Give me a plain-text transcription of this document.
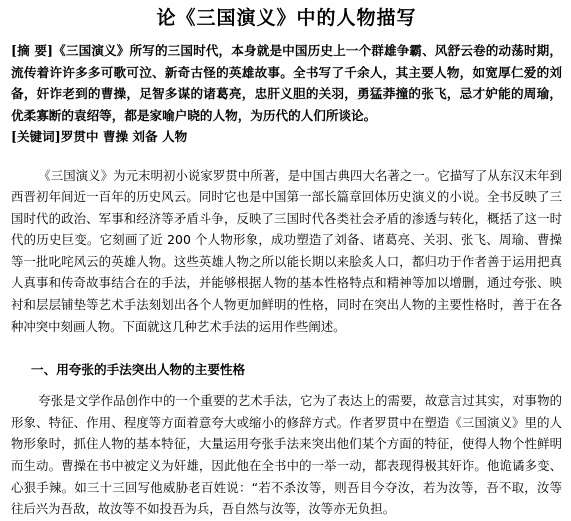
论《三国演义》中的人物描写

[摘 要]《三国演义》所写的三国时代，本身就是中国历史上一个群雄争霸、风舒云卷的动荡时期，流传着许许多多可歌可泣、新奇古怪的英雄故事。全书写了千余人，其主要人物，如宽厚仁爱的刘备，奸诈老到的曹操，足智多谋的诸葛亮，忠肝义胆的关羽，勇猛莽撞的张飞，忌才妒能的周瑜，优柔寡断的袁绍等，都是家喻户晓的人物，为历代的人们所谈论。

[关键词]罗贯中 曹操 刘备 人物

《三国演义》为元末明初小说家罗贯中所著，是中国古典四大名著之一。它描写了从东汉末年到西晋初年间近一百年的历史风云。同时它也是中国第一部长篇章回体历史演义的小说。全书反映了三国时代的政治、军事和经济等矛盾斗争，反映了三国时代各类社会矛盾的渗透与转化，概括了这一时代的历史巨变。它刻画了近 200 个人物形象，成功塑造了刘备、诸葛亮、关羽、张飞、周瑜、曹操等一批叱咤风云的英雄人物。这些英雄人物之所以能长期以来脍炙人口，都归功于作者善于运用把真人真事和传奇故事结合在的手法，并能够根据人物的基本性格特点和精神等加以增删，通过夸张、映衬和层层铺垫等艺术手法刻划出各个人物更加鲜明的性格，同时在突出人物的主要性格时，善于在各种冲突中刻画人物。下面就这几种艺术手法的运用作些阐述。

一、用夸张的手法突出人物的主要性格

夸张是文学作品创作中的一个重要的艺术手法，它为了表达上的需要，故意言过其实，对事物的形象、特征、作用、程度等方面着意夸大或缩小的修辞方式。作者罗贯中在塑造《三国演义》里的人物形象时，抓住人物的基本特征，大量运用夸张手法来突出他们某个方面的特征，使得人物个性鲜明而生动。曹操在书中被定义为奸雄，因此他在全书中的一举一动，都表现得极其奸诈。他诡谲多变、心狠手辣。如三十三回写他威胁老百姓说：“若不杀汝等，则吾目今夺汝，若为汝等，吾不取，汝等往后兴为吾敌，故汝等不如投吾为兵，吾自然与汝等，汝等亦无负担。
